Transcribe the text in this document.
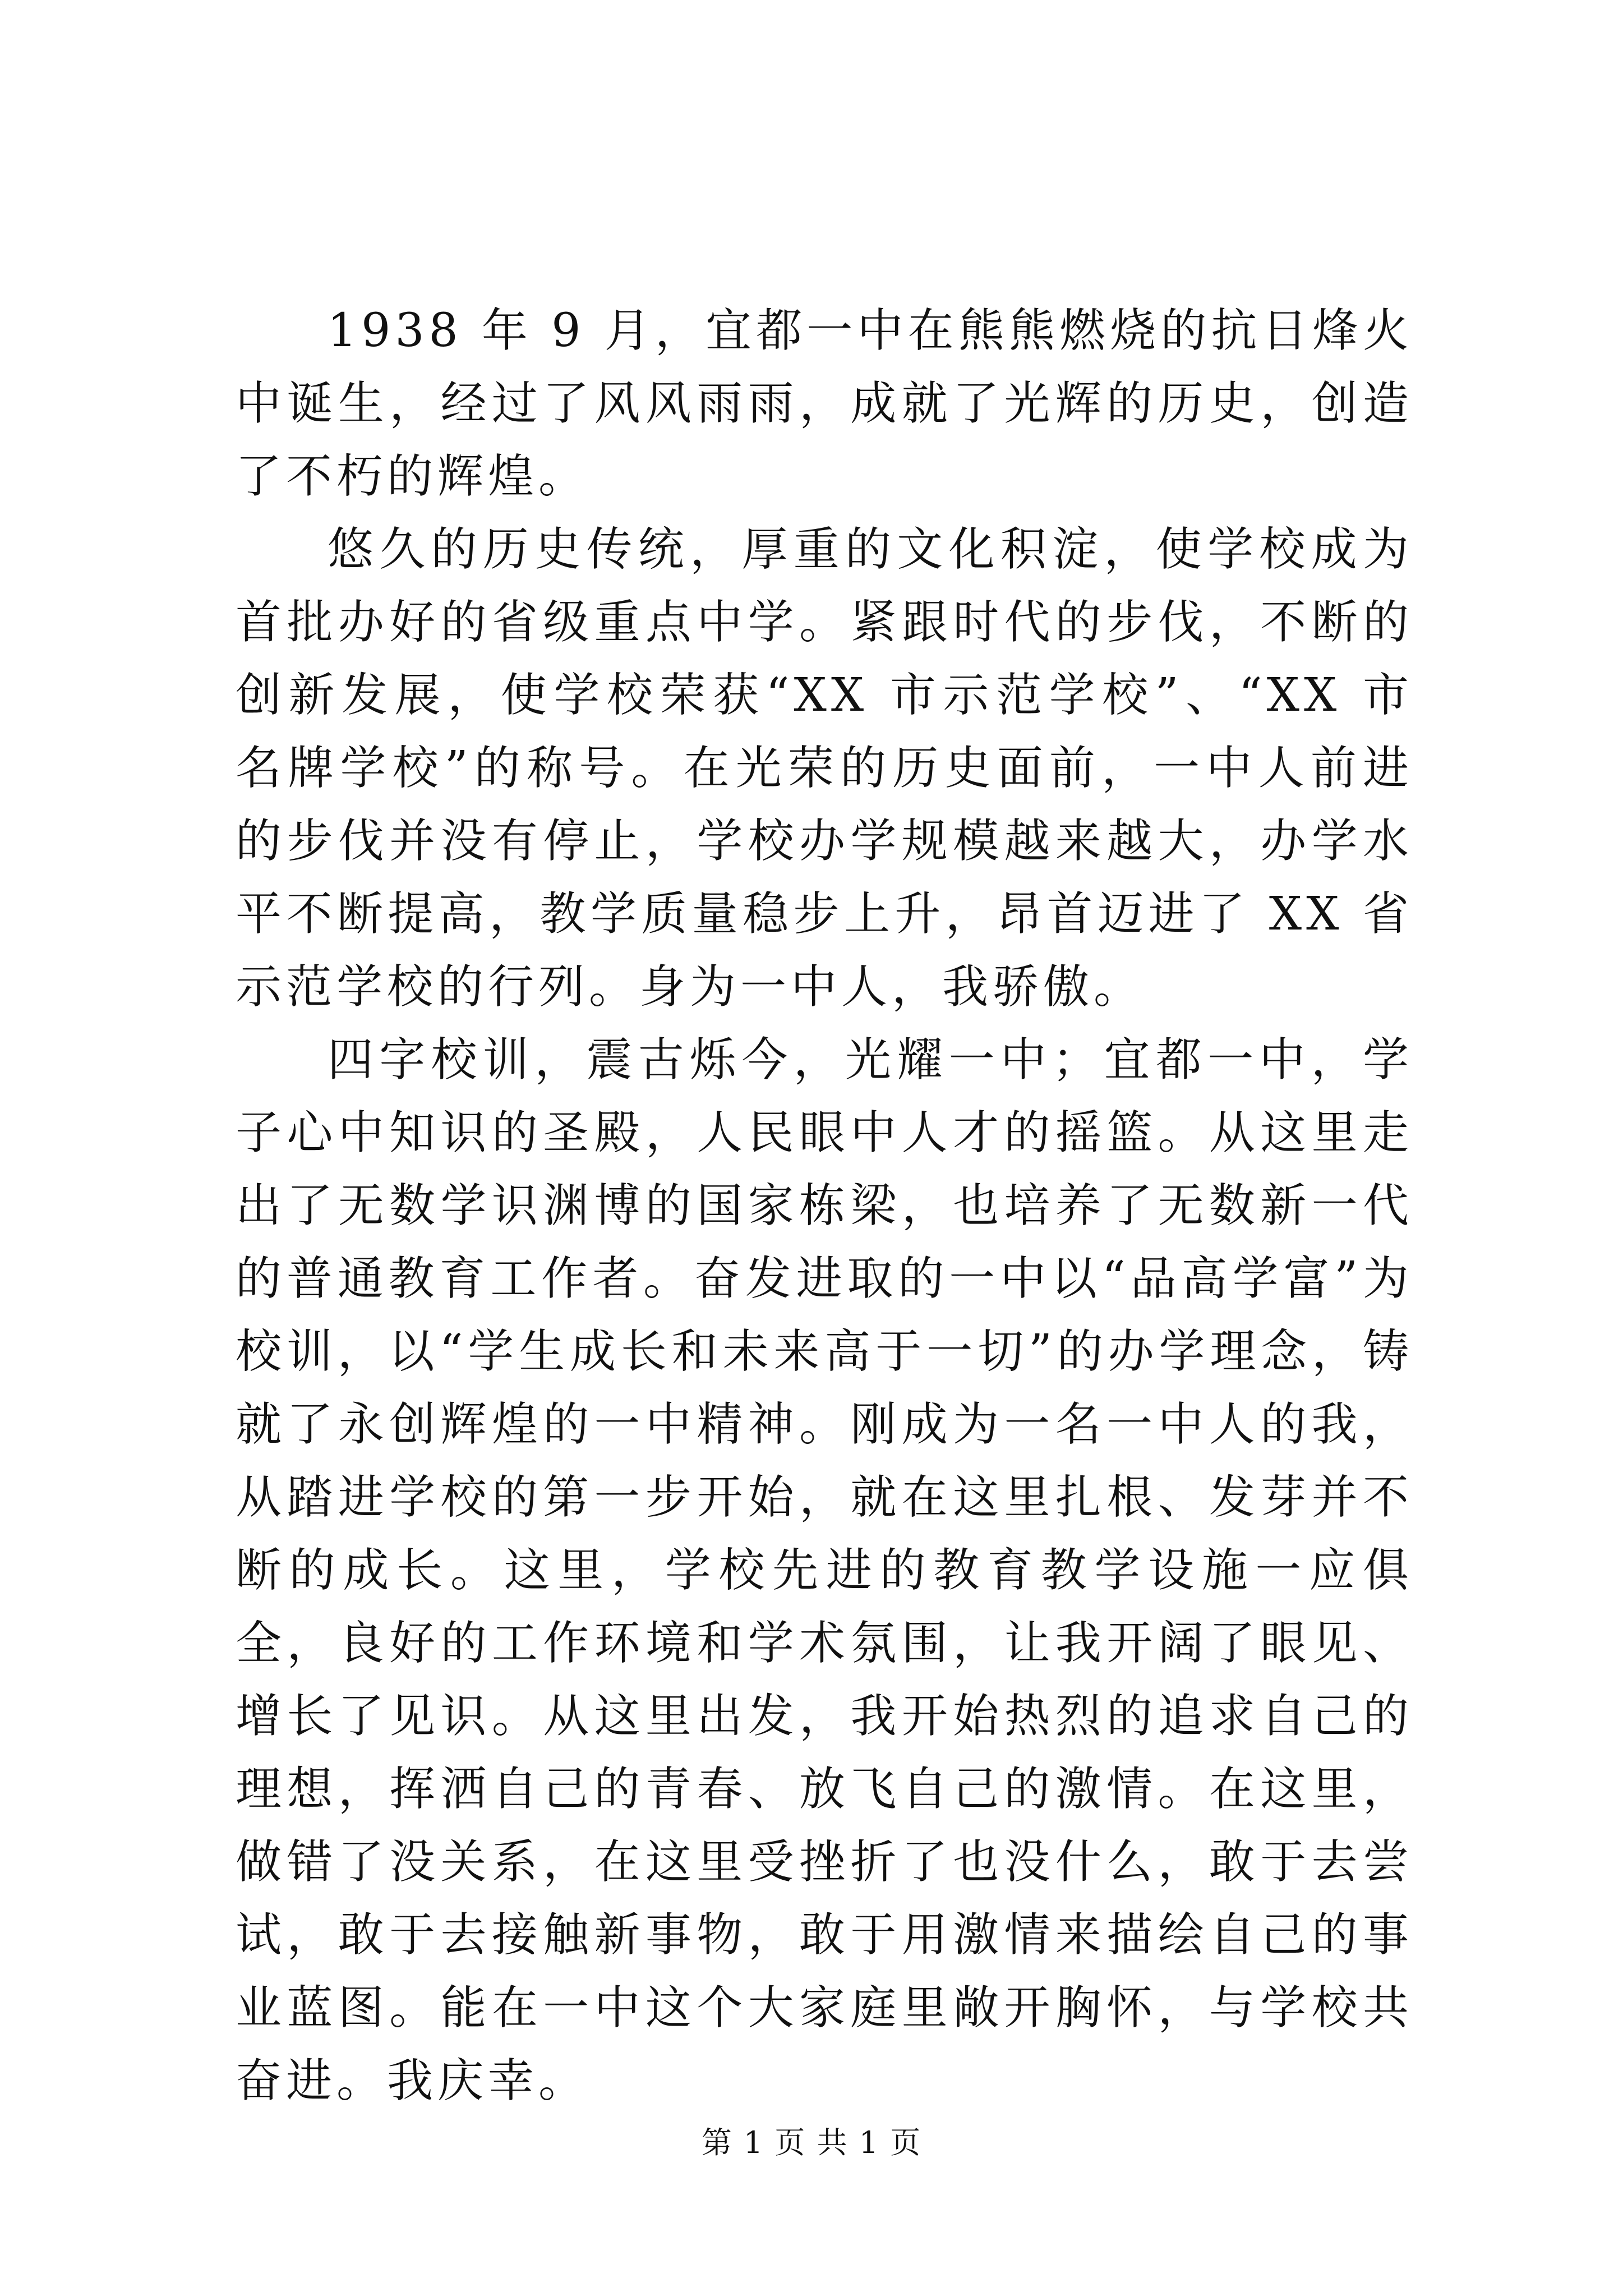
1938 年 9 月，宜都一中在熊熊燃烧的抗日烽火中诞生，经过了风风雨雨，成就了光辉的历史，创造了不朽的辉煌。

悠久的历史传统，厚重的文化积淀，使学校成为首批办好的省级重点中学。紧跟时代的步伐，不断的创新发展，使学校荣获“XX 市示范学校”、“XX 市名牌学校”的称号。在光荣的历史面前，一中人前进的步伐并没有停止，学校办学规模越来越大，办学水平不断提高，教学质量稳步上升，昂首迈进了 XX 省示范学校的行列。身为一中人，我骄傲。

四字校训，震古烁今，光耀一中；宜都一中，学子心中知识的圣殿，人民眼中人才的摇篮。从这里走出了无数学识渊博的国家栋梁，也培养了无数新一代的普通教育工作者。奋发进取的一中以“品高学富”为校训，以“学生成长和未来高于一切”的办学理念，铸就了永创辉煌的一中精神。刚成为一名一中人的我，从踏进学校的第一步开始，就在这里扎根、发芽并不断的成长。这里，学校先进的教育教学设施一应俱全，良好的工作环境和学术氛围，让我开阔了眼见、增长了见识。从这里出发，我开始热烈的追求自己的理想，挥洒自己的青春、放飞自己的激情。在这里，做错了没关系，在这里受挫折了也没什么，敢于去尝试，敢于去接触新事物，敢于用激情来描绘自己的事业蓝图。能在一中这个大家庭里敞开胸怀，与学校共奋进。我庆幸。

第 1 页 共 1 页
